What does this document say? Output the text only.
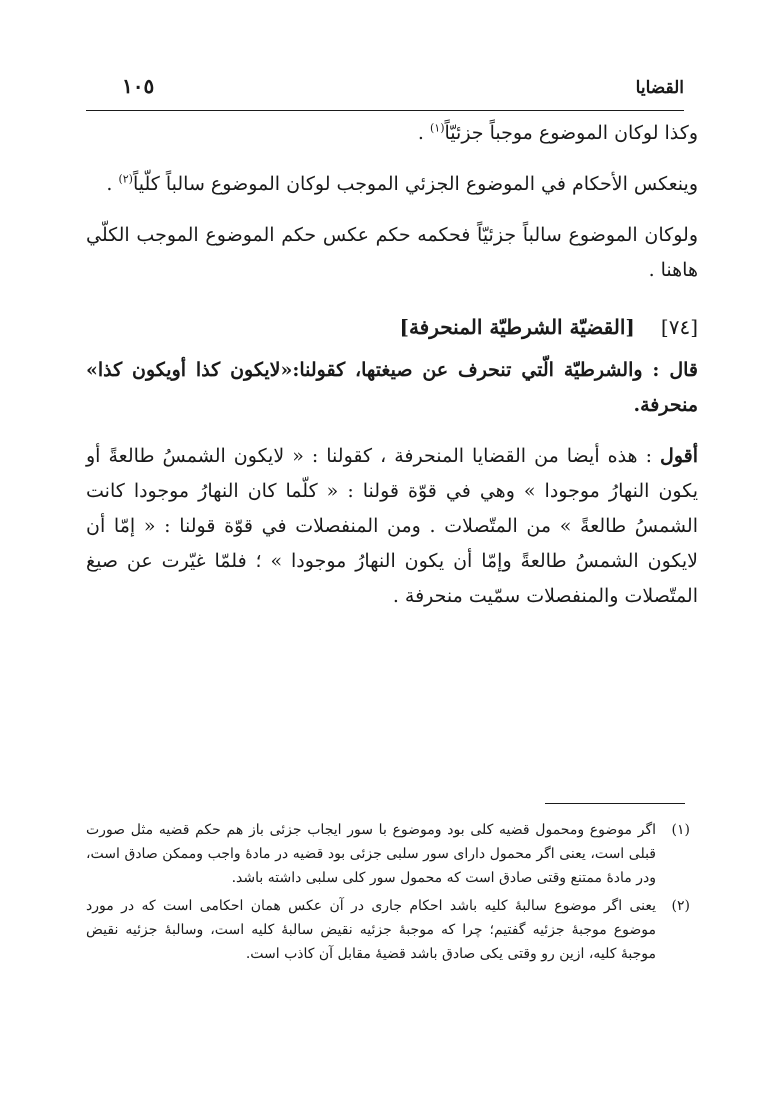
القضايا
١٠٥

وكذا لوكان الموضوع موجباً جزئيّاً$^{(١)}$ .

وينعكس الأحكام في الموضوع الجزئي الموجب لوكان الموضوع سالباً كلّياً$^{(٢)}$ .

ولوكان الموضوع سالباً جزئيّاً فحكمه حكم عكس حكم الموضوع الموجب الكلّي هاهنا .

[٧٤]
[القضيّة الشرطيّة المنحرفة]

قال : والشرطيّة الّتي تنحرف عن صيغتها، كقولنا:«لايكون كذا أويكون كذا» منحرفة.

أقول : هذه أيضا من القضايا المنحرفة ، كقولنا : « لايكون الشمسُ طالعةً أو يكون النهارُ موجودا » وهي في قوّة قولنا : « كلّما كان النهارُ موجودا كانت الشمسُ طالعةً » من المتّصلات . ومن المنفصلات في قوّة قولنا : « إمّا أن لايكون الشمسُ طالعةً وإمّا أن يكون النهارُ موجودا » ؛ فلمّا غيّرت عن صيغ المتّصلات والمنفصلات سمّيت منحرفة .

(١)
اگر موضوع ومحمول قضيه كلی بود وموضوع با سور ايجاب جزئی باز هم حكم قضيه مثل صورت قبلی است، يعنی اگر محمول دارای سور سلبی جزئی بود قضيه در مادهٔ واجب وممكن صادق است، ودر مادهٔ ممتنع وقتی صادق است كه محمول سور كلی سلبی داشته باشد.
(٢)
يعنی اگر موضوع سالبهٔ كليه باشد احكام جاری در آن عكس همان احكامی است كه در مورد موضوع موجبهٔ جزئيه گفتيم؛ چرا كه موجبهٔ جزئيه نقيض سالبهٔ كليه است، وسالبهٔ جزئيه نقيض موجبهٔ كليه، ازين رو وقتی يكی صادق باشد قضيهٔ مقابل آن كاذب است.
